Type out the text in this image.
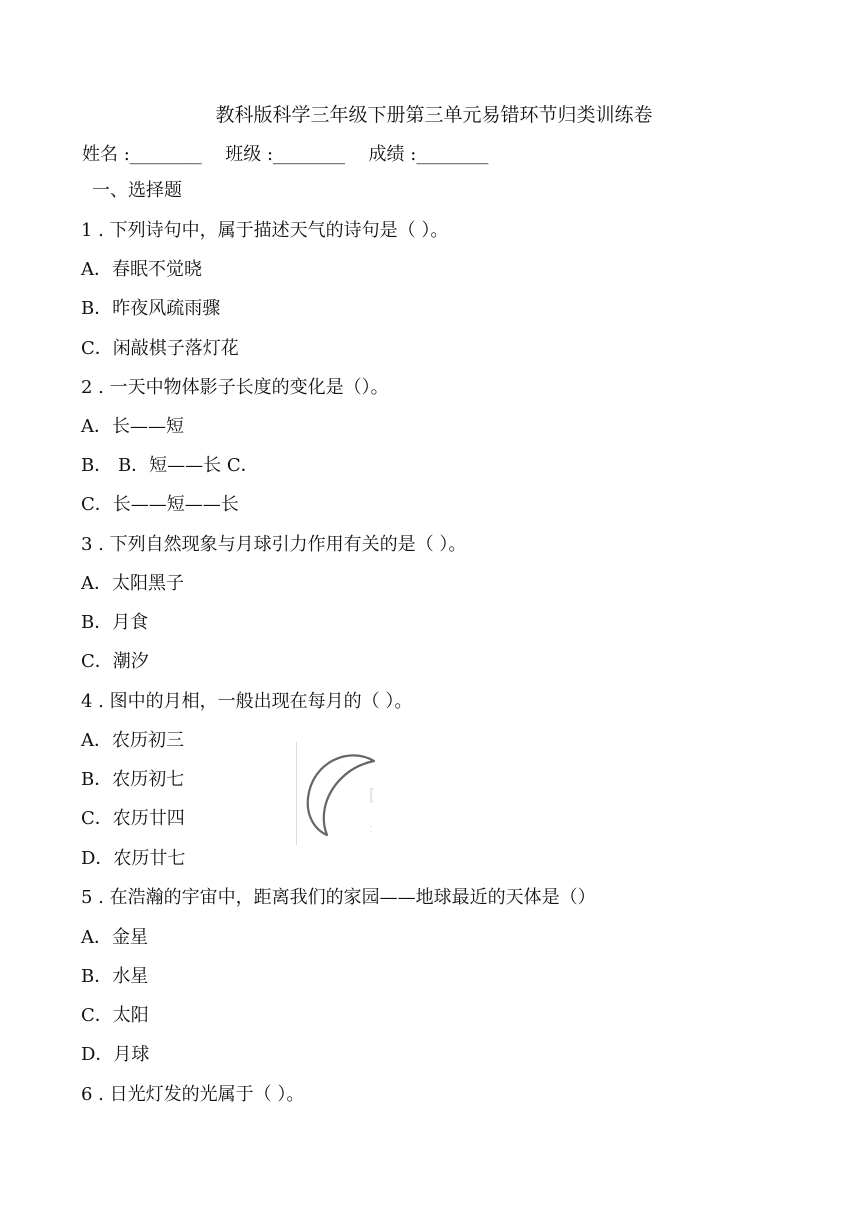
教科版科学三年级下册第三单元易错环节归类训练卷
姓名 :________ 班级 :________ 成绩 :________
一、选择题
1 . 下列诗句中，属于描述天气的诗句是（ ）。
A．春眠不觉晓
B．昨夜风疏雨骤
C．闲敲棋子落灯花
2 . 一天中物体影子长度的变化是（）。
A．长——短
B． B．短——长 C．
C．长——短——长
3 . 下列自然现象与月球引力作用有关的是（ ）。
A．太阳黑子
B．月食
C．潮汐
4 . 图中的月相，一般出现在每月的（ ）。
A．农历初三
B．农历初七
C．农历廿四
D．农历廿七
[
:
5 . 在浩瀚的宇宙中，距离我们的家园——地球最近的天体是（）
A．金星
B．水星
C．太阳
D．月球
6 . 日光灯发的光属于（ ）。
